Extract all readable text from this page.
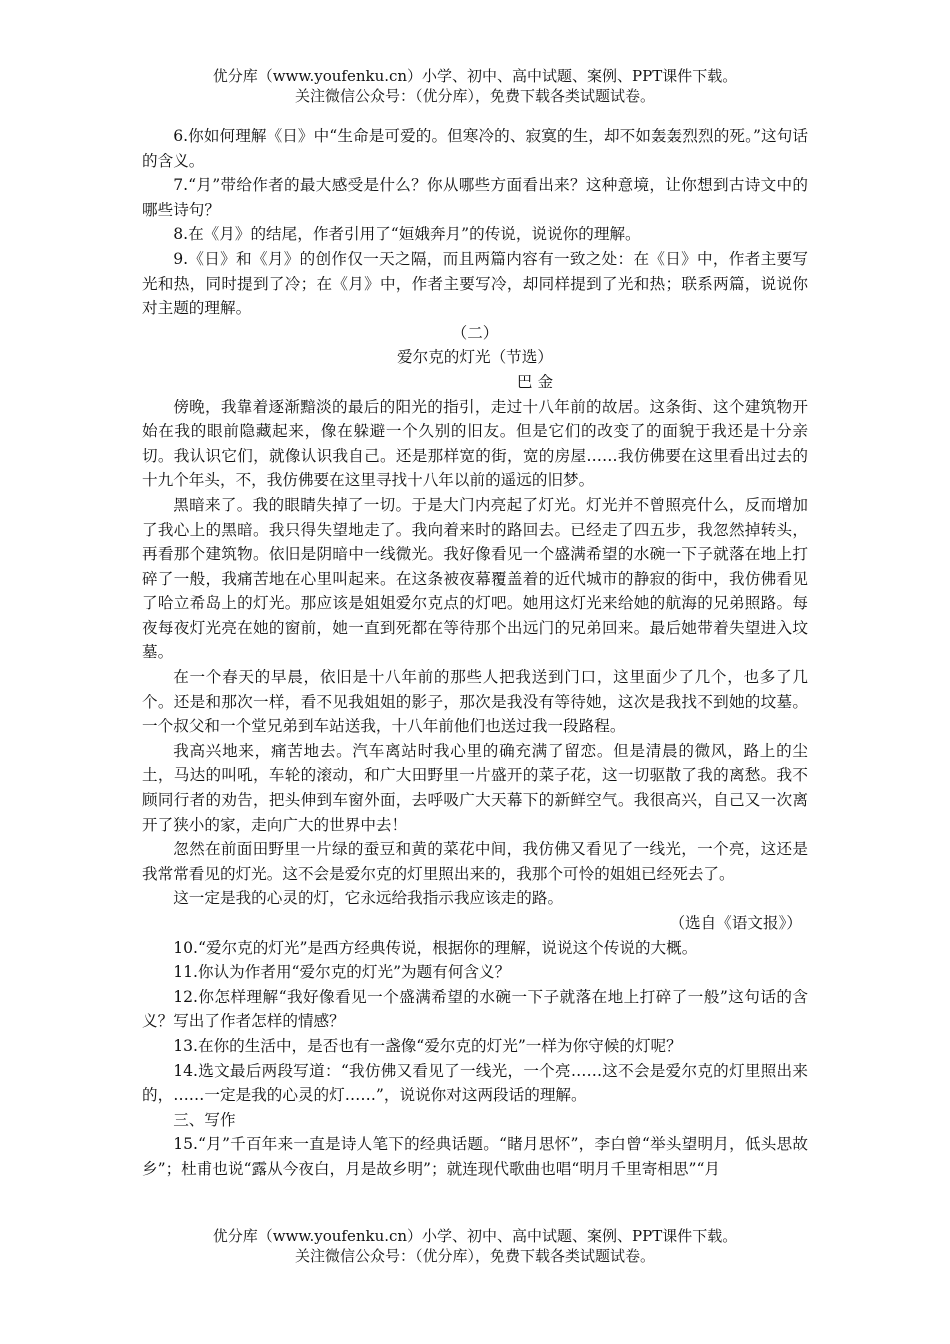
优分库（www.youfenku.cn）小学、初中、高中试题、案例、PPT课件下载。
关注微信公众号：（优分库），免费下载各类试题试卷。

6.你如何理解《日》中“生命是可爱的。但寒冷的、寂寞的生，却不如轰轰烈烈的死。”这句话的含义。

7.“月”带给作者的最大感受是什么？你从哪些方面看出来？这种意境，让你想到古诗文中的哪些诗句？

8.在《月》的结尾，作者引用了“姮娥奔月”的传说，说说你的理解。

9.《日》和《月》的创作仅一天之隔，而且两篇内容有一致之处：在《日》中，作者主要写光和热，同时提到了冷；在《月》中，作者主要写冷，却同样提到了光和热；联系两篇，说说你对主题的理解。

（二）

爱尔克的灯光（节选）

巴 金

傍晚，我靠着逐渐黯淡的最后的阳光的指引，走过十八年前的故居。这条街、这个建筑物开始在我的眼前隐藏起来，像在躲避一个久别的旧友。但是它们的改变了的面貌于我还是十分亲切。我认识它们，就像认识我自己。还是那样宽的街，宽的房屋……我仿佛要在这里看出过去的十九个年头，不，我仿佛要在这里寻找十八年以前的遥远的旧梦。

黑暗来了。我的眼睛失掉了一切。于是大门内亮起了灯光。灯光并不曾照亮什么，反而增加了我心上的黑暗。我只得失望地走了。我向着来时的路回去。已经走了四五步，我忽然掉转头，再看那个建筑物。依旧是阴暗中一线微光。我好像看见一个盛满希望的水碗一下子就落在地上打碎了一般，我痛苦地在心里叫起来。在这条被夜幕覆盖着的近代城市的静寂的街中，我仿佛看见了哈立希岛上的灯光。那应该是姐姐爱尔克点的灯吧。她用这灯光来给她的航海的兄弟照路。每夜每夜灯光亮在她的窗前，她一直到死都在等待那个出远门的兄弟回来。最后她带着失望进入坟墓。

在一个春天的早晨，依旧是十八年前的那些人把我送到门口，这里面少了几个，也多了几个。还是和那次一样，看不见我姐姐的影子，那次是我没有等待她，这次是我找不到她的坟墓。一个叔父和一个堂兄弟到车站送我，十八年前他们也送过我一段路程。

我高兴地来，痛苦地去。汽车离站时我心里的确充满了留恋。但是清晨的微风，路上的尘土，马达的叫吼，车轮的滚动，和广大田野里一片盛开的菜子花，这一切驱散了我的离愁。我不顾同行者的劝告，把头伸到车窗外面，去呼吸广大天幕下的新鲜空气。我很高兴，自己又一次离开了狭小的家，走向广大的世界中去！

忽然在前面田野里一片绿的蚕豆和黄的菜花中间，我仿佛又看见了一线光，一个亮，这还是我常常看见的灯光。这不会是爱尔克的灯里照出来的，我那个可怜的姐姐已经死去了。

这一定是我的心灵的灯，它永远给我指示我应该走的路。

（选自《语文报》）

10.“爱尔克的灯光”是西方经典传说，根据你的理解，说说这个传说的大概。

11.你认为作者用“爱尔克的灯光”为题有何含义？

12.你怎样理解“我好像看见一个盛满希望的水碗一下子就落在地上打碎了一般”这句话的含义？写出了作者怎样的情感？

13.在你的生活中，是否也有一盏像“爱尔克的灯光”一样为你守候的灯呢？

14.选文最后两段写道：“我仿佛又看见了一线光，一个亮……这不会是爱尔克的灯里照出来的，……一定是我的心灵的灯……”，说说你对这两段话的理解。

三、写作

15.“月”千百年来一直是诗人笔下的经典话题。“睹月思怀”，李白曾“举头望明月，低头思故乡”；杜甫也说“露从今夜白，月是故乡明”；就连现代歌曲也唱“明月千里寄相思”“月

优分库（www.youfenku.cn）小学、初中、高中试题、案例、PPT课件下载。
关注微信公众号：（优分库），免费下载各类试题试卷。
